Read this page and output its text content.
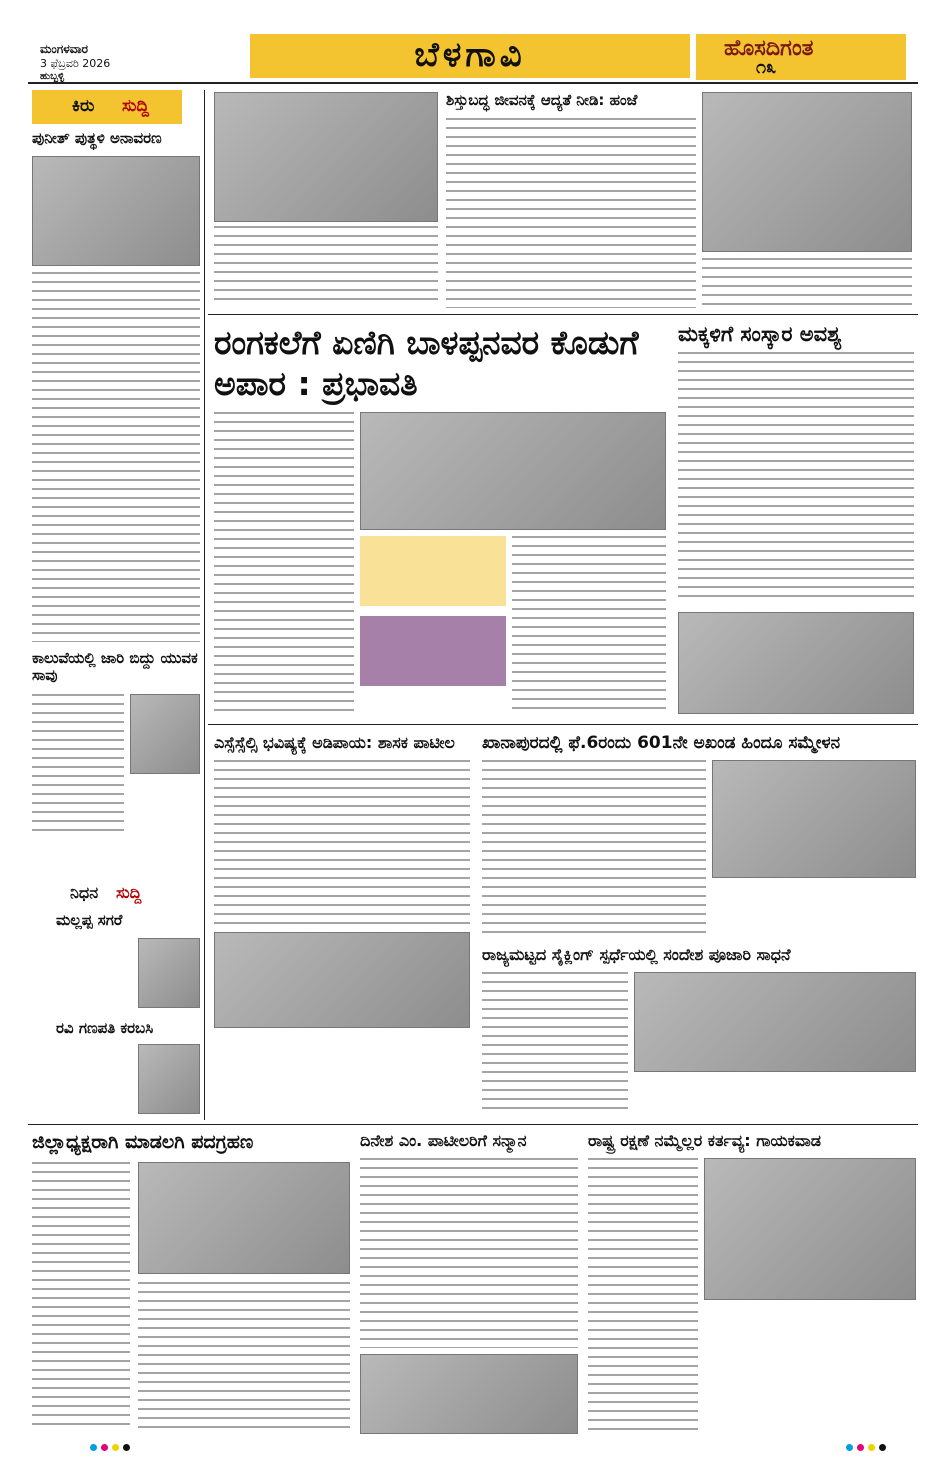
ಮಂಗಳವಾರ
3 ಫೆಬ್ರವರಿ 2026
ಹುಬ್ಬಳ್ಳಿ
ಬೆಳಗಾವಿ	ಹೊಸದಿಗಂತ
೧೩
ಕಿರು ಸುದ್ದಿ
ಪುನೀತ್ ಪುತ್ಥಳಿ ಅನಾವರಣ
ಕಾಲುವೆಯಲ್ಲಿ ಜಾರಿ ಬಿದ್ದು ಯುವಕ ಸಾವು
ನಿಧನ ಸುದ್ದಿ
ಮಲ್ಲಪ್ಪ ಸಗರೆ
ರವಿ ಗಣಪತಿ ಕರಬಸಿ
ಶಿಸ್ತುಬದ್ಧ ಜೀವನಕ್ಕೆ ಆದ್ಯತೆ ನೀಡಿ: ಹಂಜೆ
ರಂಗಕಲೆಗೆ ಏಣಿಗಿ ಬಾಳಪ್ಪನವರ ಕೊಡುಗೆ ಅಪಾರ : ಪ್ರಭಾವತಿ
ಮಕ್ಕಳಿಗೆ ಸಂಸ್ಕಾರ ಅವಶ್ಯ
ಎಸ್ಸೆಸ್ಸೆಲ್ಸಿ ಭವಿಷ್ಯಕ್ಕೆ ಅಡಿಪಾಯ: ಶಾಸಕ ಪಾಟೀಲ	ಖಾನಾಪುರದಲ್ಲಿ ಫೆ.6ರಂದು 601ನೇ ಅಖಂಡ ಹಿಂದೂ ಸಮ್ಮೇಳನ
ರಾಜ್ಯಮಟ್ಟದ ಸೈಕ್ಲಿಂಗ್ ಸ್ಪರ್ಧೆಯಲ್ಲಿ ಸಂದೇಶ ಪೂಜಾರಿ ಸಾಧನೆ
ಜಿಲ್ಲಾಧ್ಯಕ್ಷರಾಗಿ ಮಾಡಲಗಿ ಪದಗ್ರಹಣ	ದಿನೇಶ ಎಂ. ಪಾಟೀಲರಿಗೆ ಸನ್ಮಾನ	ರಾಷ್ಟ್ರ ರಕ್ಷಣೆ ನಮ್ಮೆಲ್ಲರ ಕರ್ತವ್ಯ: ಗಾಯಕವಾಡ
